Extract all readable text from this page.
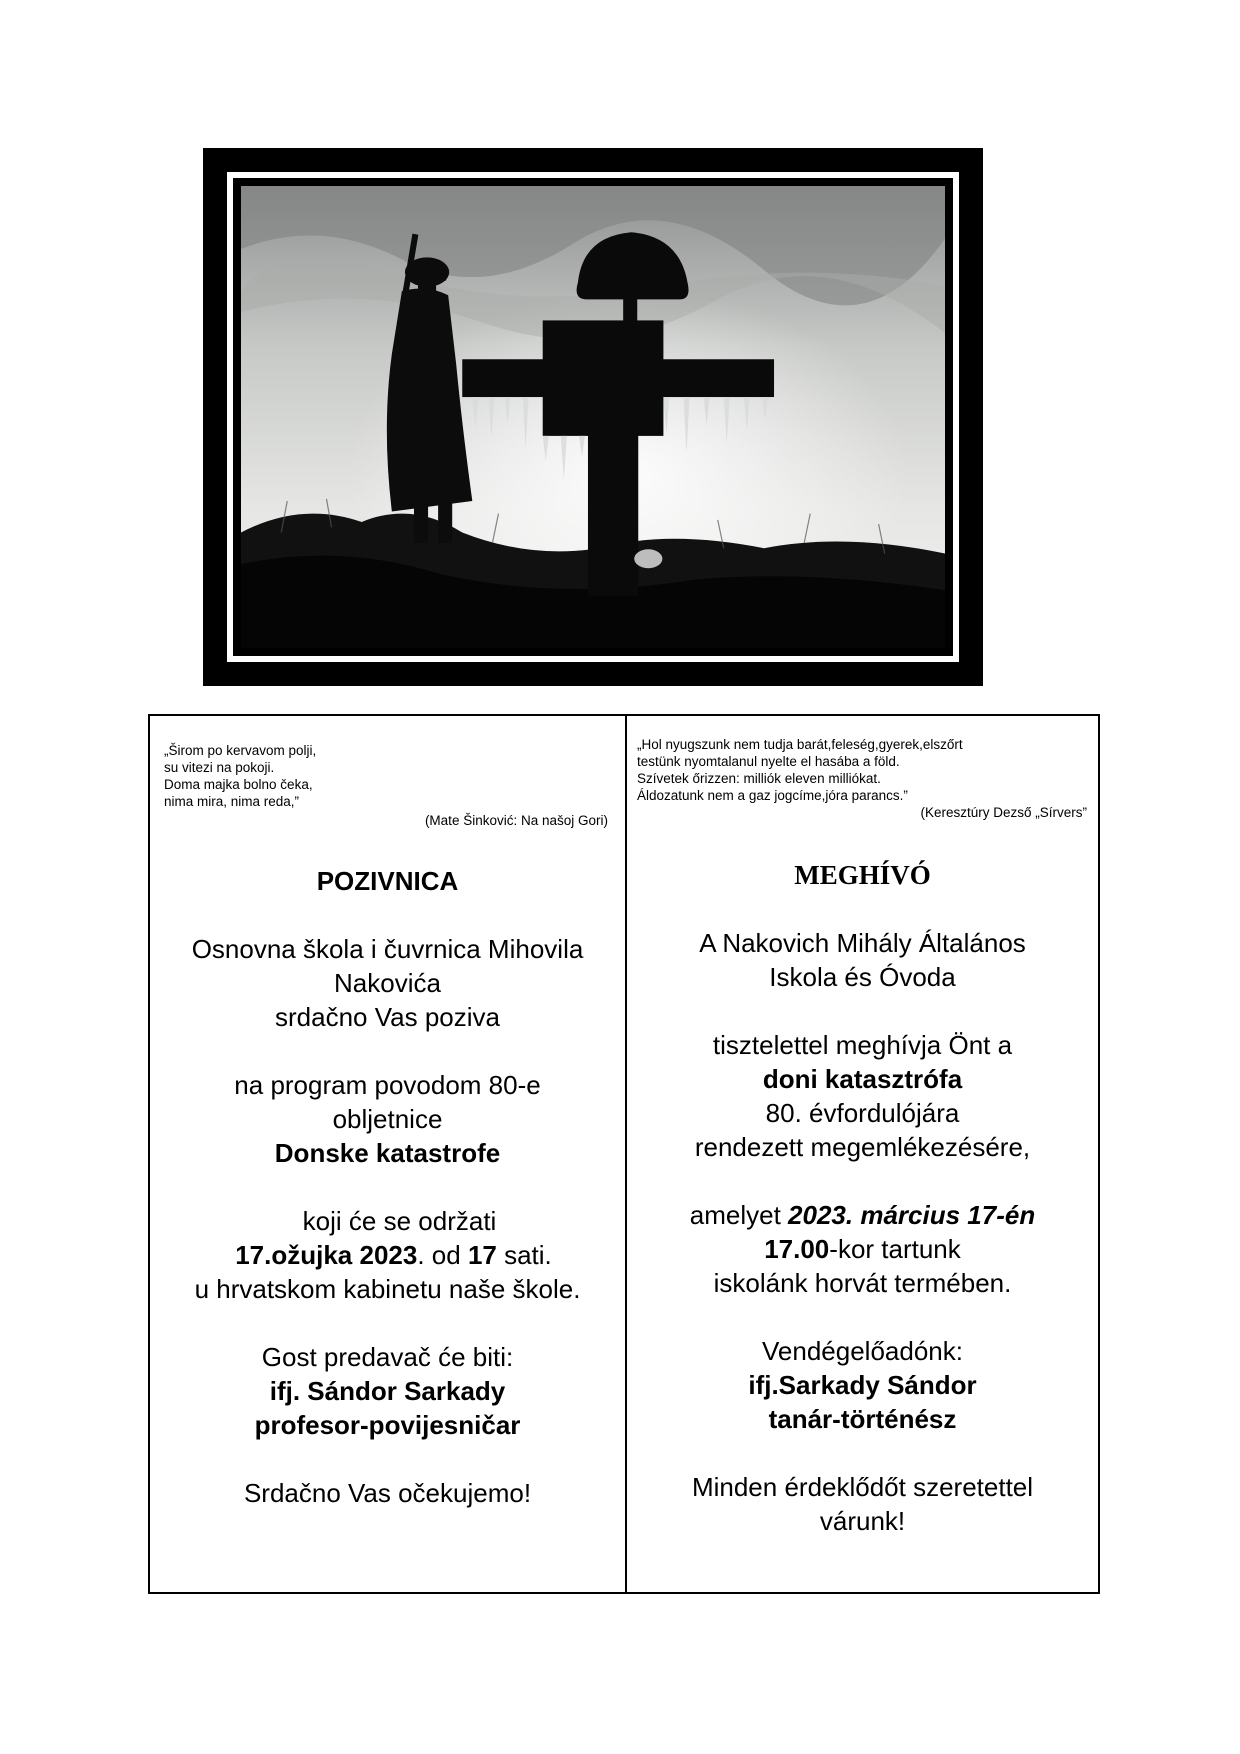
„Širom po kervavom polji,
su vitezi na pokoji.
Doma majka bolno čeka,
nima mira, nima reda,”
(Mate Šinković: Na našoj Gori)
POZIVNICA
Osnovna škola i čuvrnica Mihovila
Nakovića
srdačno Vas poziva
na program povodom 80-e
obljetnice
Donske katastrofe
koji će se održati
17.ožujka 2023. od 17 sati.
u hrvatskom kabinetu naše škole.
Gost predavač će biti:
ifj. Sándor Sarkady
profesor-povijesničar
Srdačno Vas očekujemo!
„Hol nyugszunk nem tudja barát,feleség,gyerek,elszőrt
testünk nyomtalanul nyelte el hasába a föld.
Szívetek őrizzen: milliók eleven milliókat.
Áldozatunk nem a gaz jogcíme,jóra parancs.”
(Keresztúry Dezső „Sírvers”
MEGHÍVÓ
A Nakovich Mihály Általános
Iskola és Óvoda
tisztelettel meghívja Önt a
doni katasztrófa
80. évfordulójára
rendezett megemlékezésére,
amelyet 2023. március 17-én
17.00-kor tartunk
iskolánk horvát termében.
Vendégelőadónk:
ifj.Sarkady Sándor
tanár-történész
Minden érdeklődőt szeretettel
várunk!
